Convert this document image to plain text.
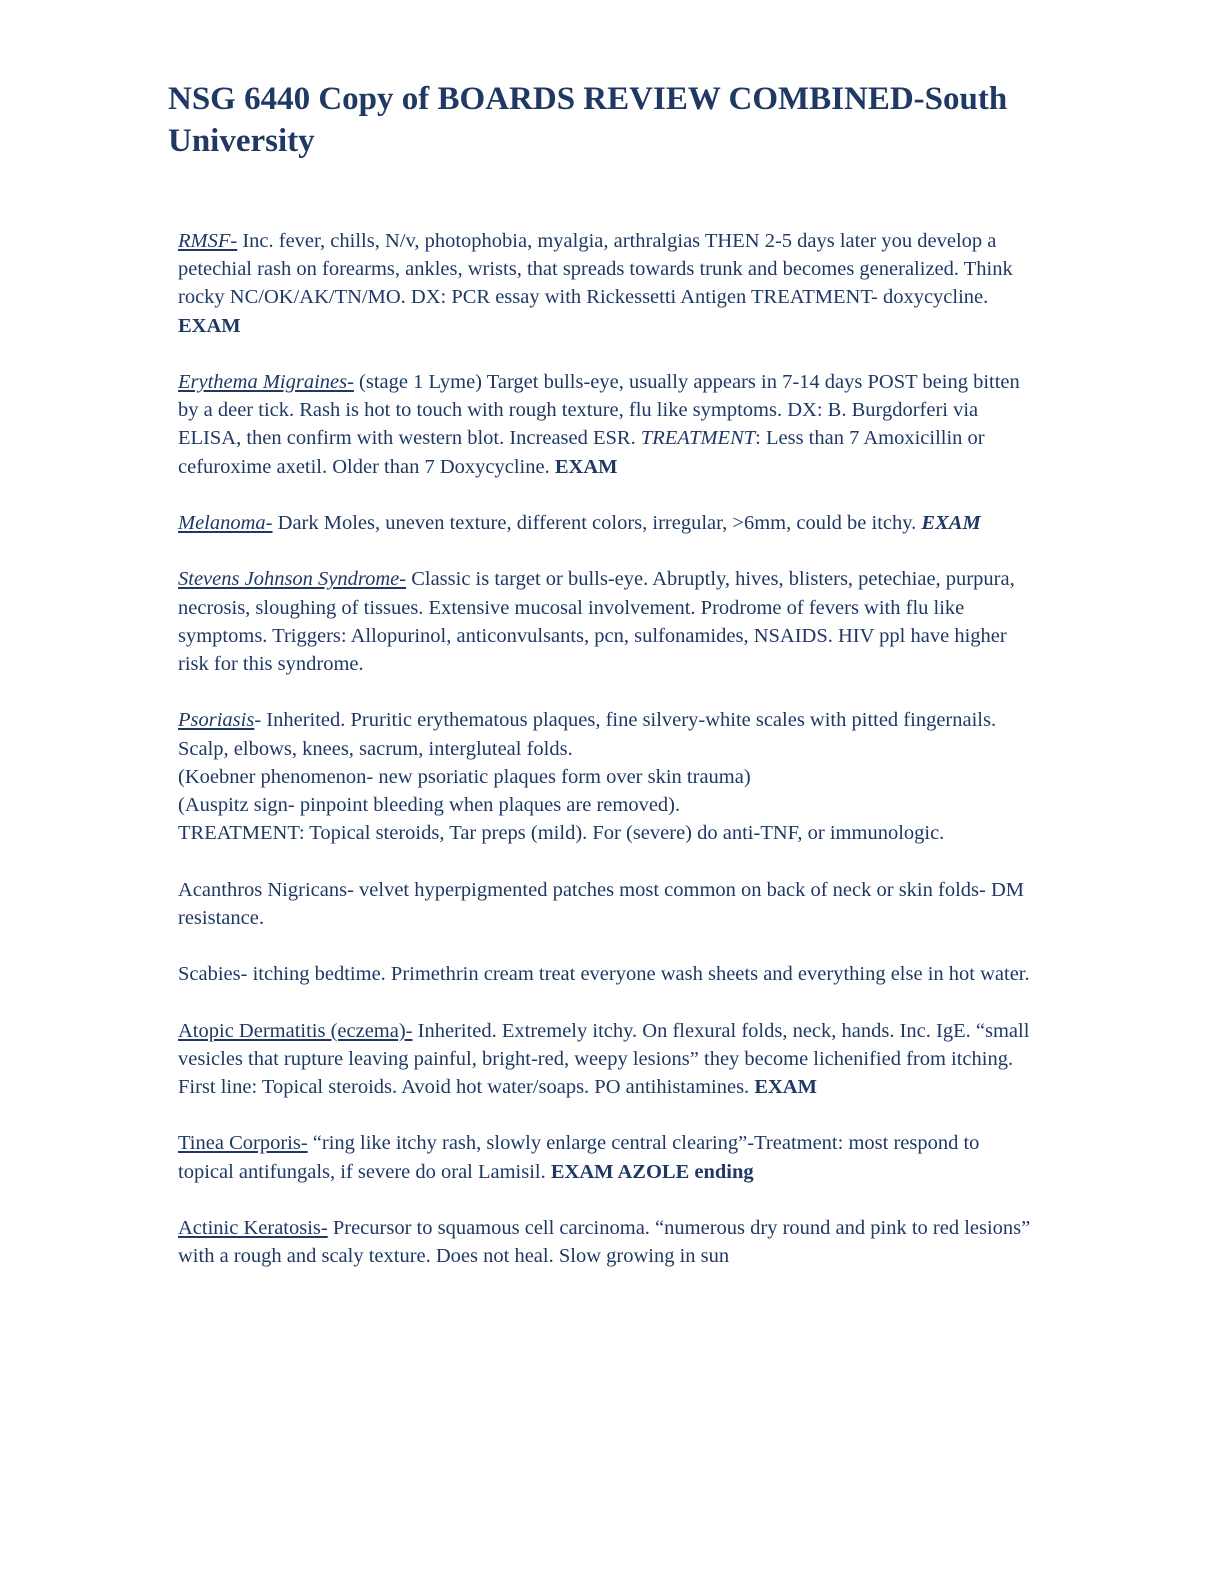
NSG 6440 Copy of BOARDS REVIEW COMBINED-South University

RMSF- Inc. fever, chills, N/v, photophobia, myalgia, arthralgias THEN 2-5 days later you develop a petechial rash on forearms, ankles, wrists, that spreads towards trunk and becomes generalized. Think rocky NC/OK/AK/TN/MO. DX: PCR essay with Rickessetti Antigen TREATMENT- doxycycline. EXAM

Erythema Migraines- (stage 1 Lyme) Target bulls-eye, usually appears in 7-14 days POST being bitten by a deer tick. Rash is hot to touch with rough texture, flu like symptoms. DX: B. Burgdorferi via ELISA, then confirm with western blot. Increased ESR. TREATMENT: Less than 7 Amoxicillin or cefuroxime axetil. Older than 7 Doxycycline. EXAM

Melanoma- Dark Moles, uneven texture, different colors, irregular, >6mm, could be itchy. EXAM

Stevens Johnson Syndrome- Classic is target or bulls-eye. Abruptly, hives, blisters, petechiae, purpura, necrosis, sloughing of tissues. Extensive mucosal involvement. Prodrome of fevers with flu like symptoms. Triggers: Allopurinol, anticonvulsants, pcn, sulfonamides, NSAIDS. HIV ppl have higher risk for this syndrome.

Psoriasis- Inherited. Pruritic erythematous plaques, fine silvery-white scales with pitted fingernails. Scalp, elbows, knees, sacrum, intergluteal folds.

(Koebner phenomenon- new psoriatic plaques form over skin trauma)

(Auspitz sign- pinpoint bleeding when plaques are removed).

TREATMENT: Topical steroids, Tar preps (mild). For (severe) do anti-TNF, or immunologic.

Acanthros Nigricans- velvet hyperpigmented patches most common on back of neck or skin folds- DM resistance.

Scabies- itching bedtime. Primethrin cream treat everyone wash sheets and everything else in hot water.

Atopic Dermatitis (eczema)- Inherited. Extremely itchy. On flexural folds, neck, hands. Inc. IgE. “small vesicles that rupture leaving painful, bright-red, weepy lesions” they become lichenified from itching. First line: Topical steroids. Avoid hot water/soaps. PO antihistamines. EXAM

Tinea Corporis- “ring like itchy rash, slowly enlarge central clearing”-Treatment: most respond to topical antifungals, if severe do oral Lamisil. EXAM AZOLE ending

Actinic Keratosis- Precursor to squamous cell carcinoma. “numerous dry round and pink to red lesions” with a rough and scaly texture. Does not heal. Slow growing in sun
